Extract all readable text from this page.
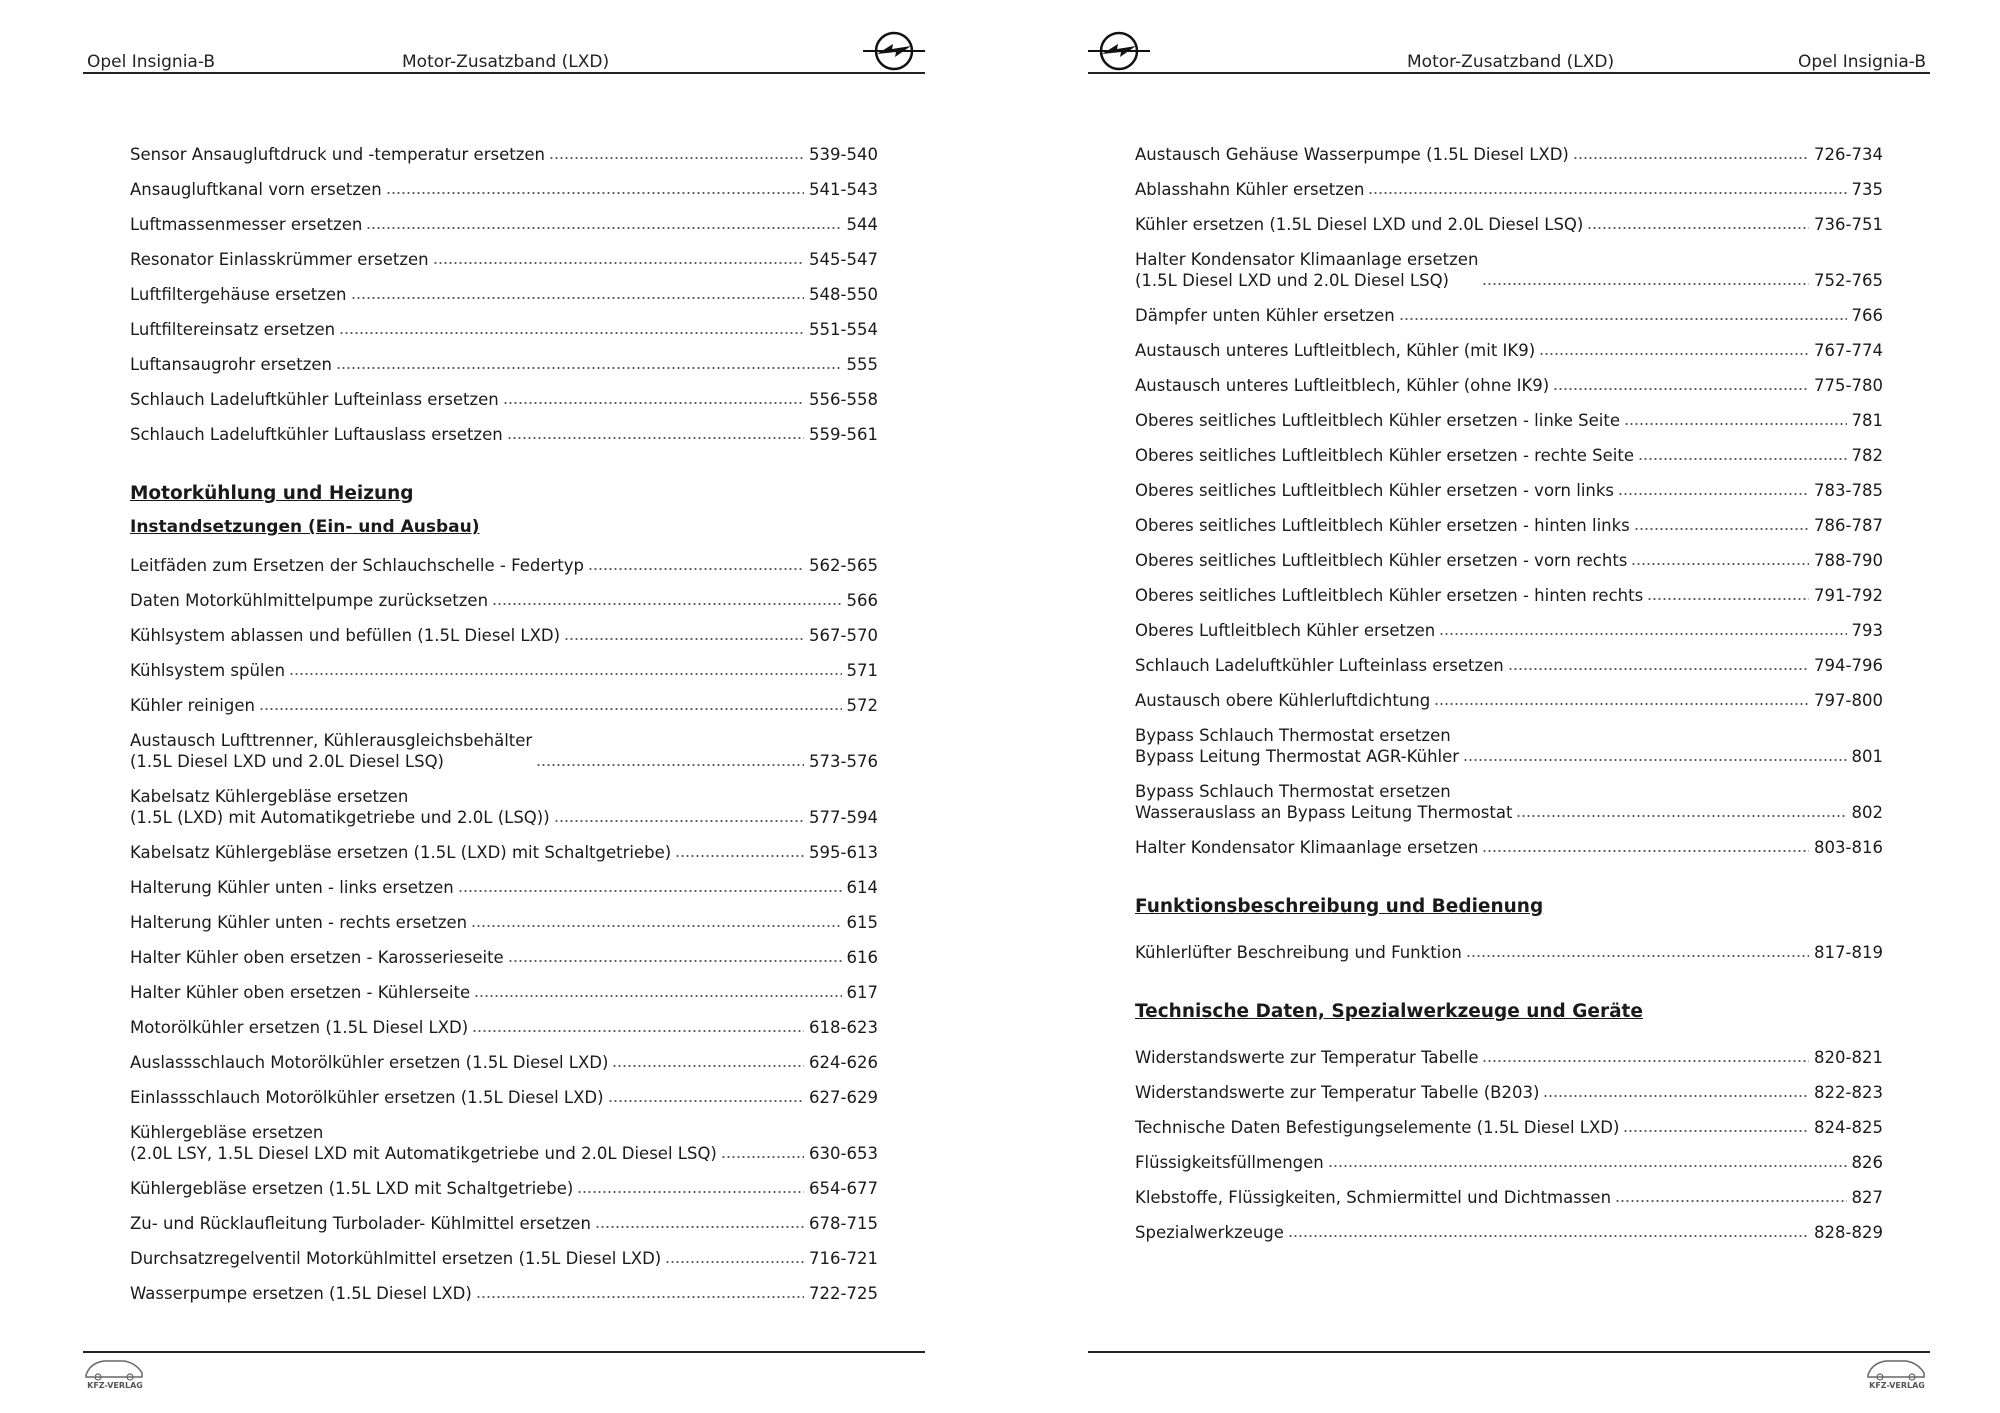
Opel Insignia-B	Motor-Zusatzband (LXD)
Sensor Ansaugluftdruck und -temperatur ersetzen	539-540
Ansaugluftkanal vorn ersetzen	541-543
Luftmassenmesser ersetzen	544
Resonator Einlasskrümmer ersetzen	545-547
Luftfiltergehäuse ersetzen	548-550
Luftfiltereinsatz ersetzen	551-554
Luftansaugrohr ersetzen	555
Schlauch Ladeluftkühler Lufteinlass ersetzen	556-558
Schlauch Ladeluftkühler Luftauslass ersetzen	559-561
Motorkühlung und Heizung
Instandsetzungen (Ein- und Ausbau)
Leitfäden zum Ersetzen der Schlauchschelle - Federtyp	562-565
Daten Motorkühlmittelpumpe zurücksetzen	566
Kühlsystem ablassen und befüllen (1.5L Diesel LXD)	567-570
Kühlsystem spülen	571
Kühler reinigen	572
Austausch Lufttrenner, Kühlerausgleichsbehälter
(1.5L Diesel LXD und 2.0L Diesel LSQ)	573-576
Kabelsatz Kühlergebläse ersetzen
(1.5L (LXD) mit Automatikgetriebe und 2.0L (LSQ))	577-594
Kabelsatz Kühlergebläse ersetzen (1.5L (LXD) mit Schaltgetriebe)	595-613
Halterung Kühler unten - links ersetzen	614
Halterung Kühler unten - rechts ersetzen	615
Halter Kühler oben ersetzen - Karosserieseite	616
Halter Kühler oben ersetzen - Kühlerseite	617
Motorölkühler ersetzen (1.5L Diesel LXD)	618-623
Auslassschlauch Motorölkühler ersetzen (1.5L Diesel LXD)	624-626
Einlassschlauch Motorölkühler ersetzen (1.5L Diesel LXD)	627-629
Kühlergebläse ersetzen
(2.0L LSY, 1.5L Diesel LXD mit Automatikgetriebe und 2.0L Diesel LSQ)	630-653
Kühlergebläse ersetzen (1.5L LXD mit Schaltgetriebe)	654-677
Zu- und Rücklaufleitung Turbolader- Kühlmittel ersetzen	678-715
Durchsatzregelventil Motorkühlmittel ersetzen (1.5L Diesel LXD)	716-721
Wasserpumpe ersetzen (1.5L Diesel LXD)	722-725
KFZ-VERLAG
Motor-Zusatzband (LXD)	Opel Insignia-B
Austausch Gehäuse Wasserpumpe (1.5L Diesel LXD)	726-734
Ablasshahn Kühler ersetzen	735
Kühler ersetzen (1.5L Diesel LXD und 2.0L Diesel LSQ)	736-751
Halter Kondensator Klimaanlage ersetzen
(1.5L Diesel LXD und 2.0L Diesel LSQ)	752-765
Dämpfer unten Kühler ersetzen	766
Austausch unteres Luftleitblech, Kühler (mit IK9)	767-774
Austausch unteres Luftleitblech, Kühler (ohne IK9)	775-780
Oberes seitliches Luftleitblech Kühler ersetzen - linke Seite	781
Oberes seitliches Luftleitblech Kühler ersetzen - rechte Seite	782
Oberes seitliches Luftleitblech Kühler ersetzen - vorn links	783-785
Oberes seitliches Luftleitblech Kühler ersetzen - hinten links	786-787
Oberes seitliches Luftleitblech Kühler ersetzen - vorn rechts	788-790
Oberes seitliches Luftleitblech Kühler ersetzen - hinten rechts	791-792
Oberes Luftleitblech Kühler ersetzen	793
Schlauch Ladeluftkühler Lufteinlass ersetzen	794-796
Austausch obere Kühlerluftdichtung	797-800
Bypass Schlauch Thermostat ersetzen
Bypass Leitung Thermostat AGR-Kühler	801
Bypass Schlauch Thermostat ersetzen
Wasserauslass an Bypass Leitung Thermostat	802
Halter Kondensator Klimaanlage ersetzen	803-816
Funktionsbeschreibung und Bedienung
Kühlerlüfter Beschreibung und Funktion	817-819
Technische Daten, Spezialwerkzeuge und Geräte
Widerstandswerte zur Temperatur Tabelle	820-821
Widerstandswerte zur Temperatur Tabelle (B203)	822-823
Technische Daten Befestigungselemente (1.5L Diesel LXD)	824-825
Flüssigkeitsfüllmengen	826
Klebstoffe, Flüssigkeiten, Schmiermittel und Dichtmassen	827
Spezialwerkzeuge	828-829
KFZ-VERLAG
